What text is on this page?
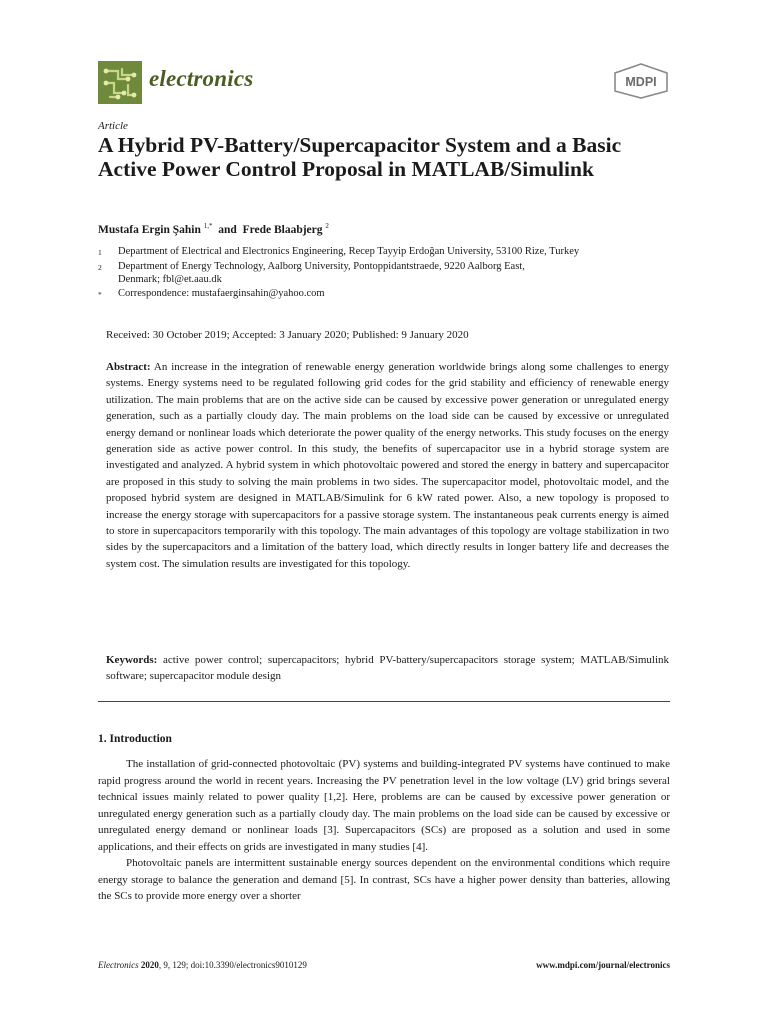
electronics	MDPI
Article
A Hybrid PV-Battery/Supercapacitor System and a Basic Active Power Control Proposal in MATLAB/Simulink
Mustafa Ergin Şahin $^{1,*}$  and  Frede Blaabjerg $^2$
1	Department of Electrical and Electronics Engineering, Recep Tayyip Erdoğan University, 53100 Rize, Turkey
2	Department of Energy Technology, Aalborg University, Pontoppidantstraede, 9220 Aalborg East, Denmark; fbl@et.aau.dk
*	Correspondence: mustafaerginsahin@yahoo.com
Received: 30 October 2019; Accepted: 3 January 2020; Published: 9 January 2020

Abstract: An increase in the integration of renewable energy generation worldwide brings along some challenges to energy systems. Energy systems need to be regulated following grid codes for the grid stability and efficiency of renewable energy utilization. The main problems that are on the active side can be caused by excessive power generation or unregulated energy generation, such as a partially cloudy day. The main problems on the load side can be caused by excessive or unregulated energy demand or nonlinear loads which deteriorate the power quality of the energy networks. This study focuses on the energy generation side as active power control. In this study, the benefits of supercapacitor use in a hybrid storage system are investigated and analyzed. A hybrid system in which photovoltaic powered and stored the energy in battery and supercapacitor are proposed in this study to solving the main problems in two sides. The supercapacitor model, photovoltaic model, and the proposed hybrid system are designed in MATLAB/Simulink for 6 kW rated power. Also, a new topology is proposed to increase the energy storage with supercapacitors for a passive storage system. The instantaneous peak currents energy is aimed to store in supercapacitors temporarily with this topology. The main advantages of this topology are voltage stabilization in two sides by the supercapacitors and a limitation of the battery load, which directly results in longer battery life and decreases the system cost. The simulation results are investigated for this topology.

Keywords: active power control; supercapacitors; hybrid PV-battery/supercapacitors storage system; MATLAB/Simulink software; supercapacitor module design

1. Introduction

The installation of grid-connected photovoltaic (PV) systems and building-integrated PV systems have continued to make rapid progress around the world in recent years. Increasing the PV penetration level in the low voltage (LV) grid brings several technical issues mainly related to power quality [1,2]. Here, problems are can be caused by excessive power generation or unregulated energy generation such as a partially cloudy day. The main problems on the load side can be caused by excessive or unregulated energy demand or nonlinear loads [3]. Supercapacitors (SCs) are proposed as a solution and used in some applications, and their effects on grids are investigated in many studies [4].

Photovoltaic panels are intermittent sustainable energy sources dependent on the environmental conditions which require energy storage to balance the generation and demand [5]. In contrast, SCs have a higher power density than batteries, allowing the SCs to provide more energy over a shorter

Electronics 2020, 9, 129; doi:10.3390/electronics9010129	www.mdpi.com/journal/electronics
